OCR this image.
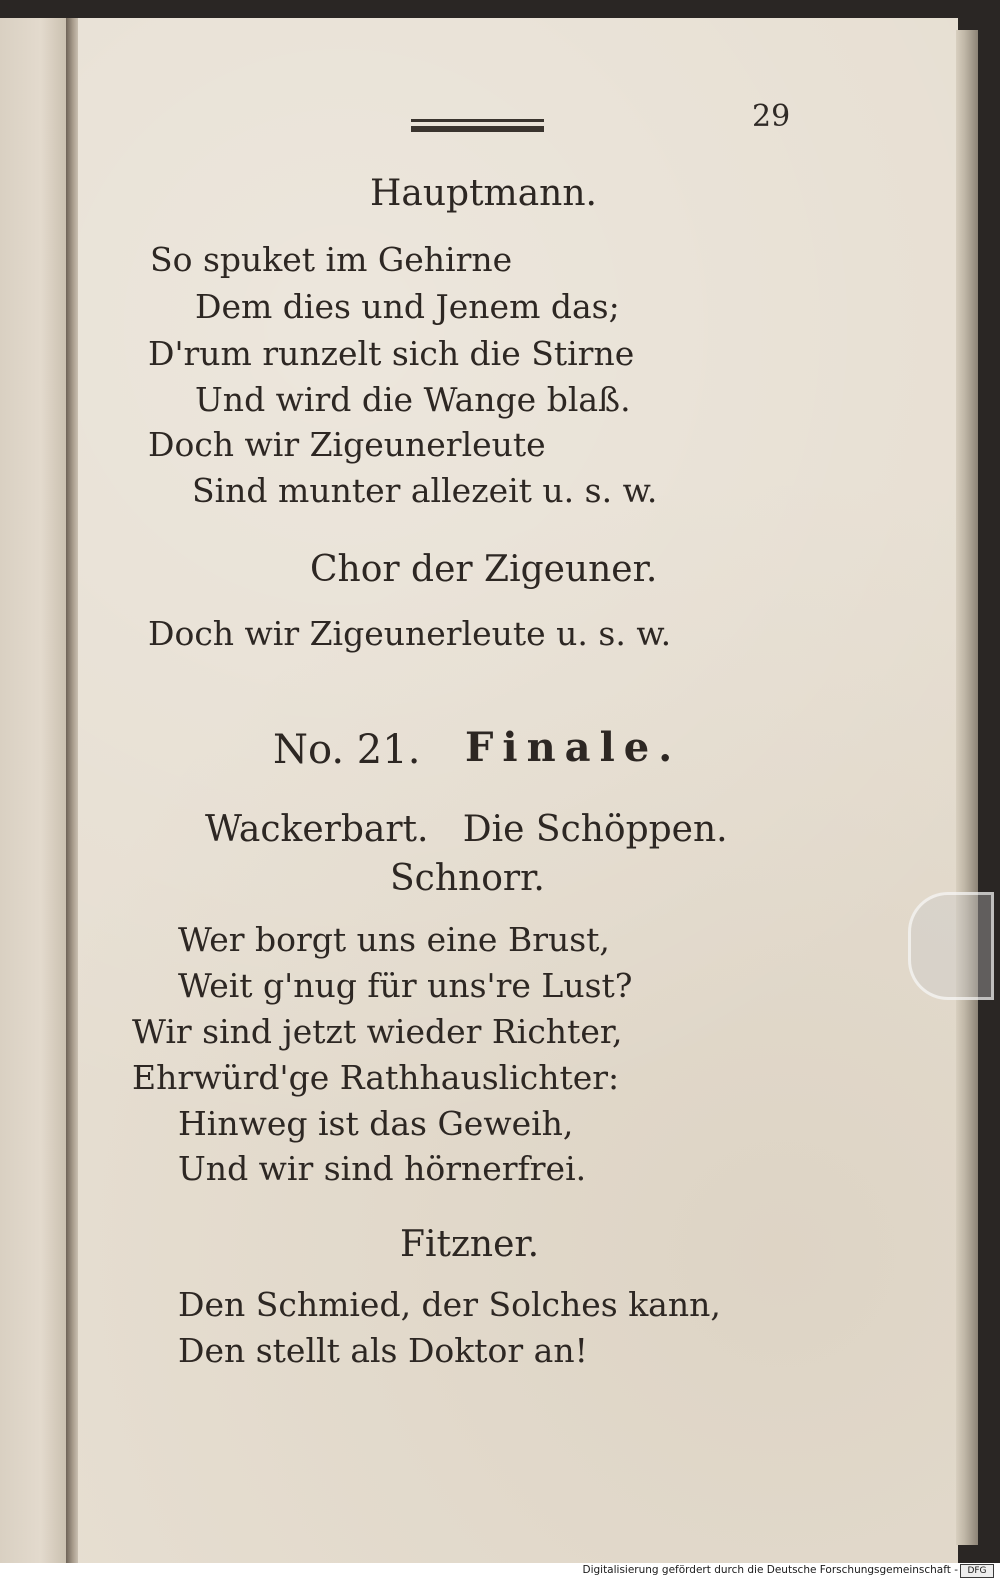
29
Hauptmann.
So spuket im Gehirne
Dem dies und Jenem das;
D'rum runzelt sich die Stirne
Und wird die Wange blaß.
Doch wir Zigeunerleute
Sind munter allezeit u. s. w.
Chor der Zigeuner.
Doch wir Zigeunerleute u. s. w.
No. 21. Finale.
Wackerbart.   Die Schöppen.
Schnorr.
Wer borgt uns eine Brust,
Weit g'nug für uns're Lust?
Wir sind jetzt wieder Richter,
Ehrwürd'ge Rathhauslichter:
Hinweg ist das Geweih,
Und wir sind hörnerfrei.
Fitzner.
Den Schmied, der Solches kann,
Den stellt als Doktor an!
Digitalisierung gefördert durch die Deutsche Forschungsgemeinschaft -	DFG
